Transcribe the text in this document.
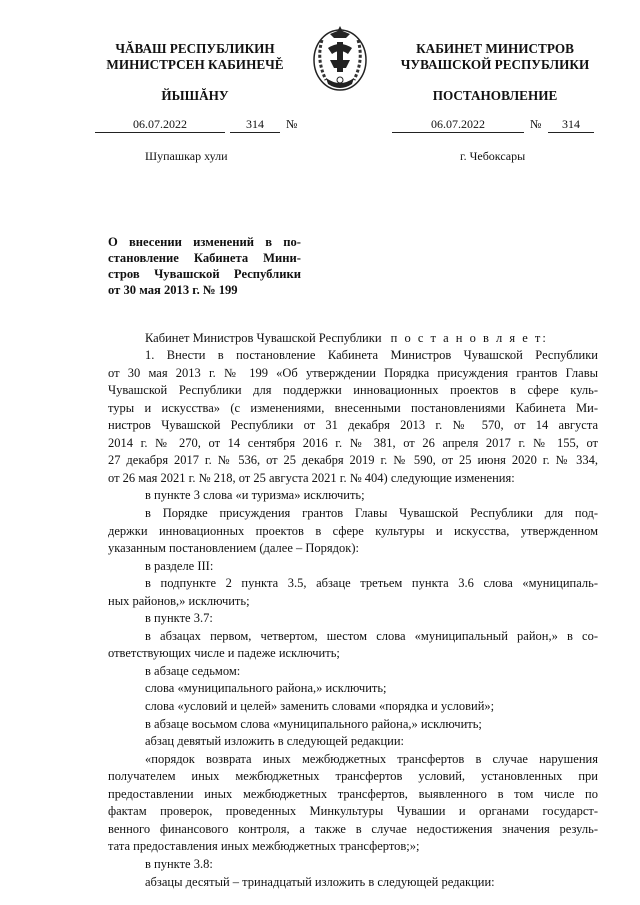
ЧĂВАШ РЕСПУБЛИКИН
МИНИСТРСЕН КАБИНЕЧĚ
ЙЫШĂНУ
КАБИНЕТ МИНИСТРОВ
ЧУВАШСКОЙ РЕСПУБЛИКИ
ПОСТАНОВЛЕНИЕ
06.07.2022	314	№
Шупашкар хули
06.07.2022	№	314
г. Чебоксары
О внесении изменений в по-
становление Кабинета Мини-
стров Чувашской Республики
от 30 мая 2013 г. № 199
Кабинет Министров Чувашской Республики п о с т а н о в л я е т:
1. Внести в постановление Кабинета Министров Чувашской Республики
от 30 мая 2013 г. № 199 «Об утверждении Порядка присуждения грантов Главы
Чувашской Республики для поддержки инновационных проектов в сфере куль-
туры и искусства» (с изменениями, внесенными постановлениями Кабинета Ми-
нистров Чувашской Республики от 31 декабря 2013 г. № 570, от 14 августа
2014 г. № 270, от 14 сентября 2016 г. № 381, от 26 апреля 2017 г. № 155, от
27 декабря 2017 г. № 536, от 25 декабря 2019 г. № 590, от 25 июня 2020 г. № 334,
от 26 мая 2021 г. № 218, от 25 августа 2021 г. № 404) следующие изменения:
в пункте 3 слова «и туризма» исключить;
в Порядке присуждения грантов Главы Чувашской Республики для под-
держки инновационных проектов в сфере культуры и искусства, утвержденном
указанным постановлением (далее – Порядок):
в разделе III:
в подпункте 2 пункта 3.5, абзаце третьем пункта 3.6 слова «муниципаль-
ных районов,» исключить;
в пункте 3.7:
в абзацах первом, четвертом, шестом слова «муниципальный район,» в со-
ответствующих числе и падеже исключить;
в абзаце седьмом:
слова «муниципального района,» исключить;
слова «условий и целей» заменить словами «порядка и условий»;
в абзаце восьмом слова «муниципального района,» исключить;
абзац девятый изложить в следующей редакции:
«порядок возврата иных межбюджетных трансфертов в случае нарушения
получателем иных межбюджетных трансфертов условий, установленных при
предоставлении иных межбюджетных трансфертов, выявленного в том числе по
фактам проверок, проведенных Минкультуры Чувашии и органами государст-
венного финансового контроля, а также в случае недостижения значения резуль-
тата предоставления иных межбюджетных трансфертов;»;
в пункте 3.8:
абзацы десятый – тринадцатый изложить в следующей редакции:
